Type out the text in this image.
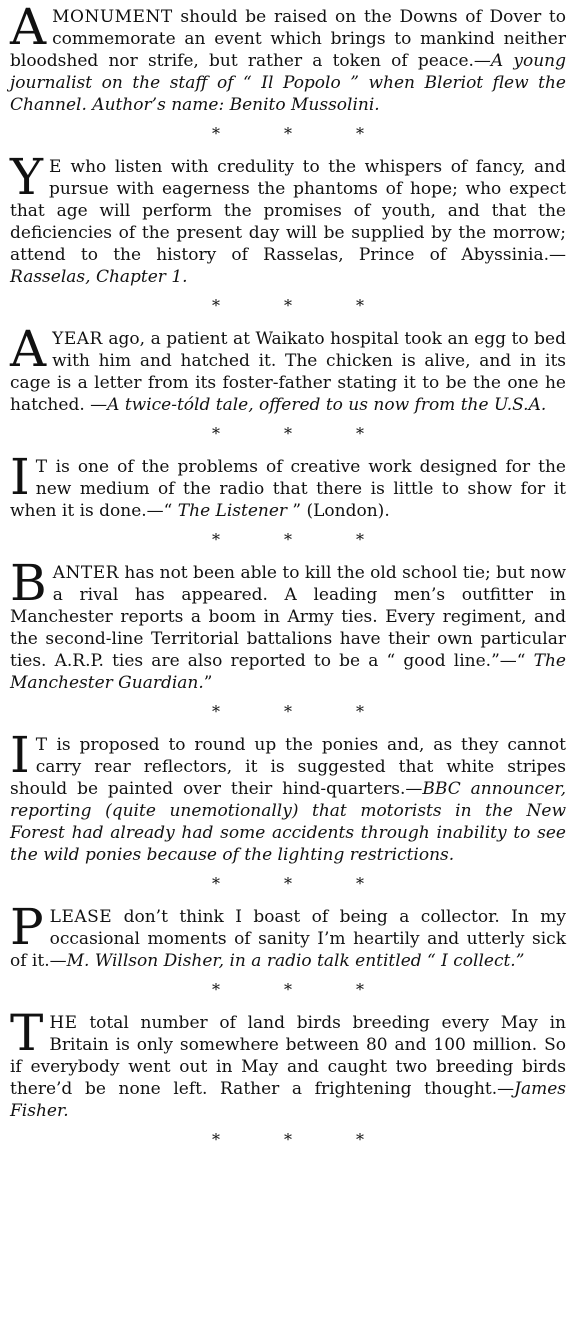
AMONUMENT should be raised on the Downs of Dover to commemorate an event which brings to mankind neither bloodshed nor strife, but rather a token of peace.—A young journalist on the staff of “ Il Popolo ” when Bleriot flew the Channel. Author’s name: Benito Mussolini.

*	*	*

Y E who listen with credulity to the whispers of fancy, and pursue with eagerness the phantoms of hope; who expect that age will perform the promises of youth, and that the deficiencies of the present day will be supplied by the morrow; attend to the history of Rasselas, Prince of Abyssinia.—Rasselas, Chapter 1.

*	*	*

AYEAR ago, a patient at Waikato hospital took an egg to bed with him and hatched it. The chicken is alive, and in its cage is a letter from its foster-father stating it to be the one he hatched. —A twice-tóld tale, offered to us now from the U.S.A.

*	*	*

I T is one of the problems of creative work designed for the new medium of the radio that there is little to show for it when it is done.—“ The Listener ” (London).

*	*	*

BANTER has not been able to kill the old school tie; but now a rival has appeared. A leading men’s outfitter in Manchester reports a boom in Army ties. Every regiment, and the second-line Territorial battalions have their own particular ties. A.R.P. ties are also reported to be a “ good line.”—“ The Manchester Guardian.”

*	*	*

I T is proposed to round up the ponies and, as they cannot carry rear reflectors, it is suggested that white stripes should be painted over their hind-quarters.—BBC announcer, reporting (quite unemotionally) that motorists in the New Forest had already had some accidents through inability to see the wild ponies because of the lighting restrictions.

*	*	*

PLEASE don’t think I boast of being a collector. In my occasional moments of sanity I’m heartily and utterly sick of it.—M. Willson Disher, in a radio talk entitled “ I collect.”

*	*	*

THE total number of land birds breeding every May in Britain is only somewhere between 80 and 100 million. So if everybody went out in May and caught two breeding birds there’d be none left. Rather a frightening thought.—James Fisher.

*	*	*
